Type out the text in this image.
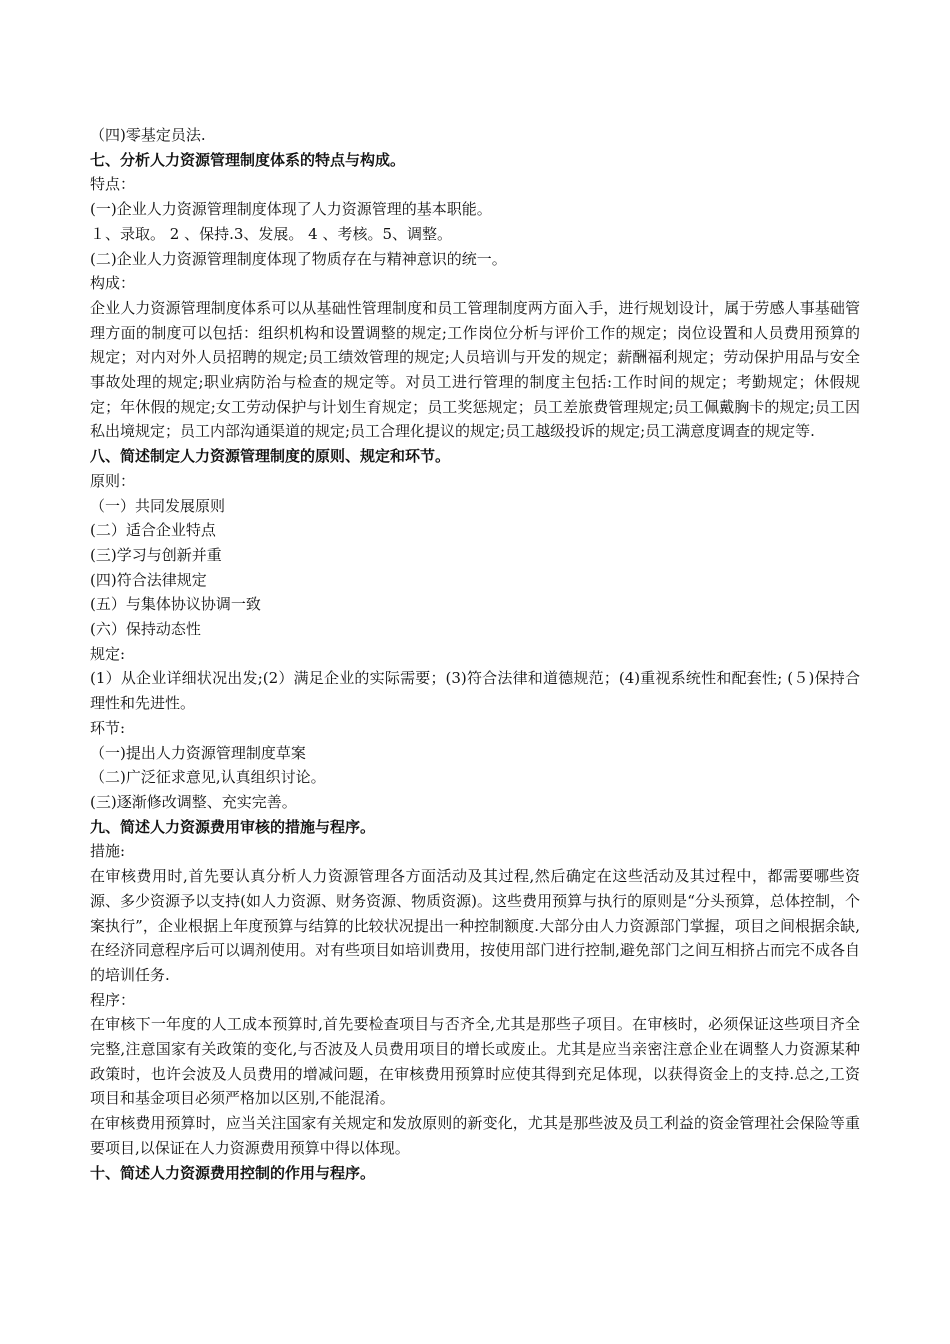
（四)零基定员法.

七、分析人力资源管理制度体系的特点与构成。

特点：

(一)企业人力资源管理制度体现了人力资源管理的基本职能。

１、录取。 2 、保持.3、发展。 4 、考核。5、调整。

(二)企业人力资源管理制度体现了物质存在与精神意识的统一。

构成：

企业人力资源管理制度体系可以从基础性管理制度和员工管理制度两方面入手，进行规划设计，属于劳感人事基础管理方面的制度可以包括：组织机构和设置调整的规定;工作岗位分析与评价工作的规定；岗位设置和人员费用预算的规定；对内对外人员招聘的规定;员工绩效管理的规定;人员培训与开发的规定；薪酬福利规定；劳动保护用品与安全事故处理的规定;职业病防治与检查的规定等。对员工进行管理的制度主包括:工作时间的规定；考勤规定；休假规定；年休假的规定;女工劳动保护与计划生育规定；员工奖惩规定；员工差旅费管理规定;员工佩戴胸卡的规定;员工因私出境规定；员工内部沟通渠道的规定;员工合理化提议的规定;员工越级投诉的规定;员工满意度调查的规定等.

八、简述制定人力资源管理制度的原则、规定和环节。

原则：

（一）共同发展原则

(二）适合企业特点

(三)学习与创新并重

(四)符合法律规定

(五）与集体协议协调一致

(六）保持动态性

规定:

(1）从企业详细状况出发;(2）满足企业的实际需要；(3)符合法律和道德规范；(4)重视系统性和配套性; (５)保持合理性和先进性。

环节:

（一)提出人力资源管理制度草案

（二)广泛征求意见,认真组织讨论。

(三)逐渐修改调整、充实完善。

九、简述人力资源费用审核的措施与程序。

措施:

在审核费用时,首先要认真分析人力资源管理各方面活动及其过程,然后确定在这些活动及其过程中，都需要哪些资源、多少资源予以支持(如人力资源、财务资源、物质资源)。这些费用预算与执行的原则是“分头预算，总体控制，个案执行”，企业根据上年度预算与结算的比较状况提出一种控制额度.大部分由人力资源部门掌握，项目之间根据余缺,在经济同意程序后可以调剂使用。对有些项目如培训费用，按使用部门进行控制,避免部门之间互相挤占而完不成各自的培训任务.

程序：

在审核下一年度的人工成本预算时,首先要检查项目与否齐全,尤其是那些子项目。在审核时，必须保证这些项目齐全完整,注意国家有关政策的变化,与否波及人员费用项目的增长或废止。尤其是应当亲密注意企业在调整人力资源某种政策时，也许会波及人员费用的增减问题，在审核费用预算时应使其得到充足体现，以获得资金上的支持.总之,工资项目和基金项目必须严格加以区别,不能混淆。

在审核费用预算时，应当关注国家有关规定和发放原则的新变化，尤其是那些波及员工利益的资金管理社会保险等重要项目,以保证在人力资源费用预算中得以体现。

十、简述人力资源费用控制的作用与程序。
